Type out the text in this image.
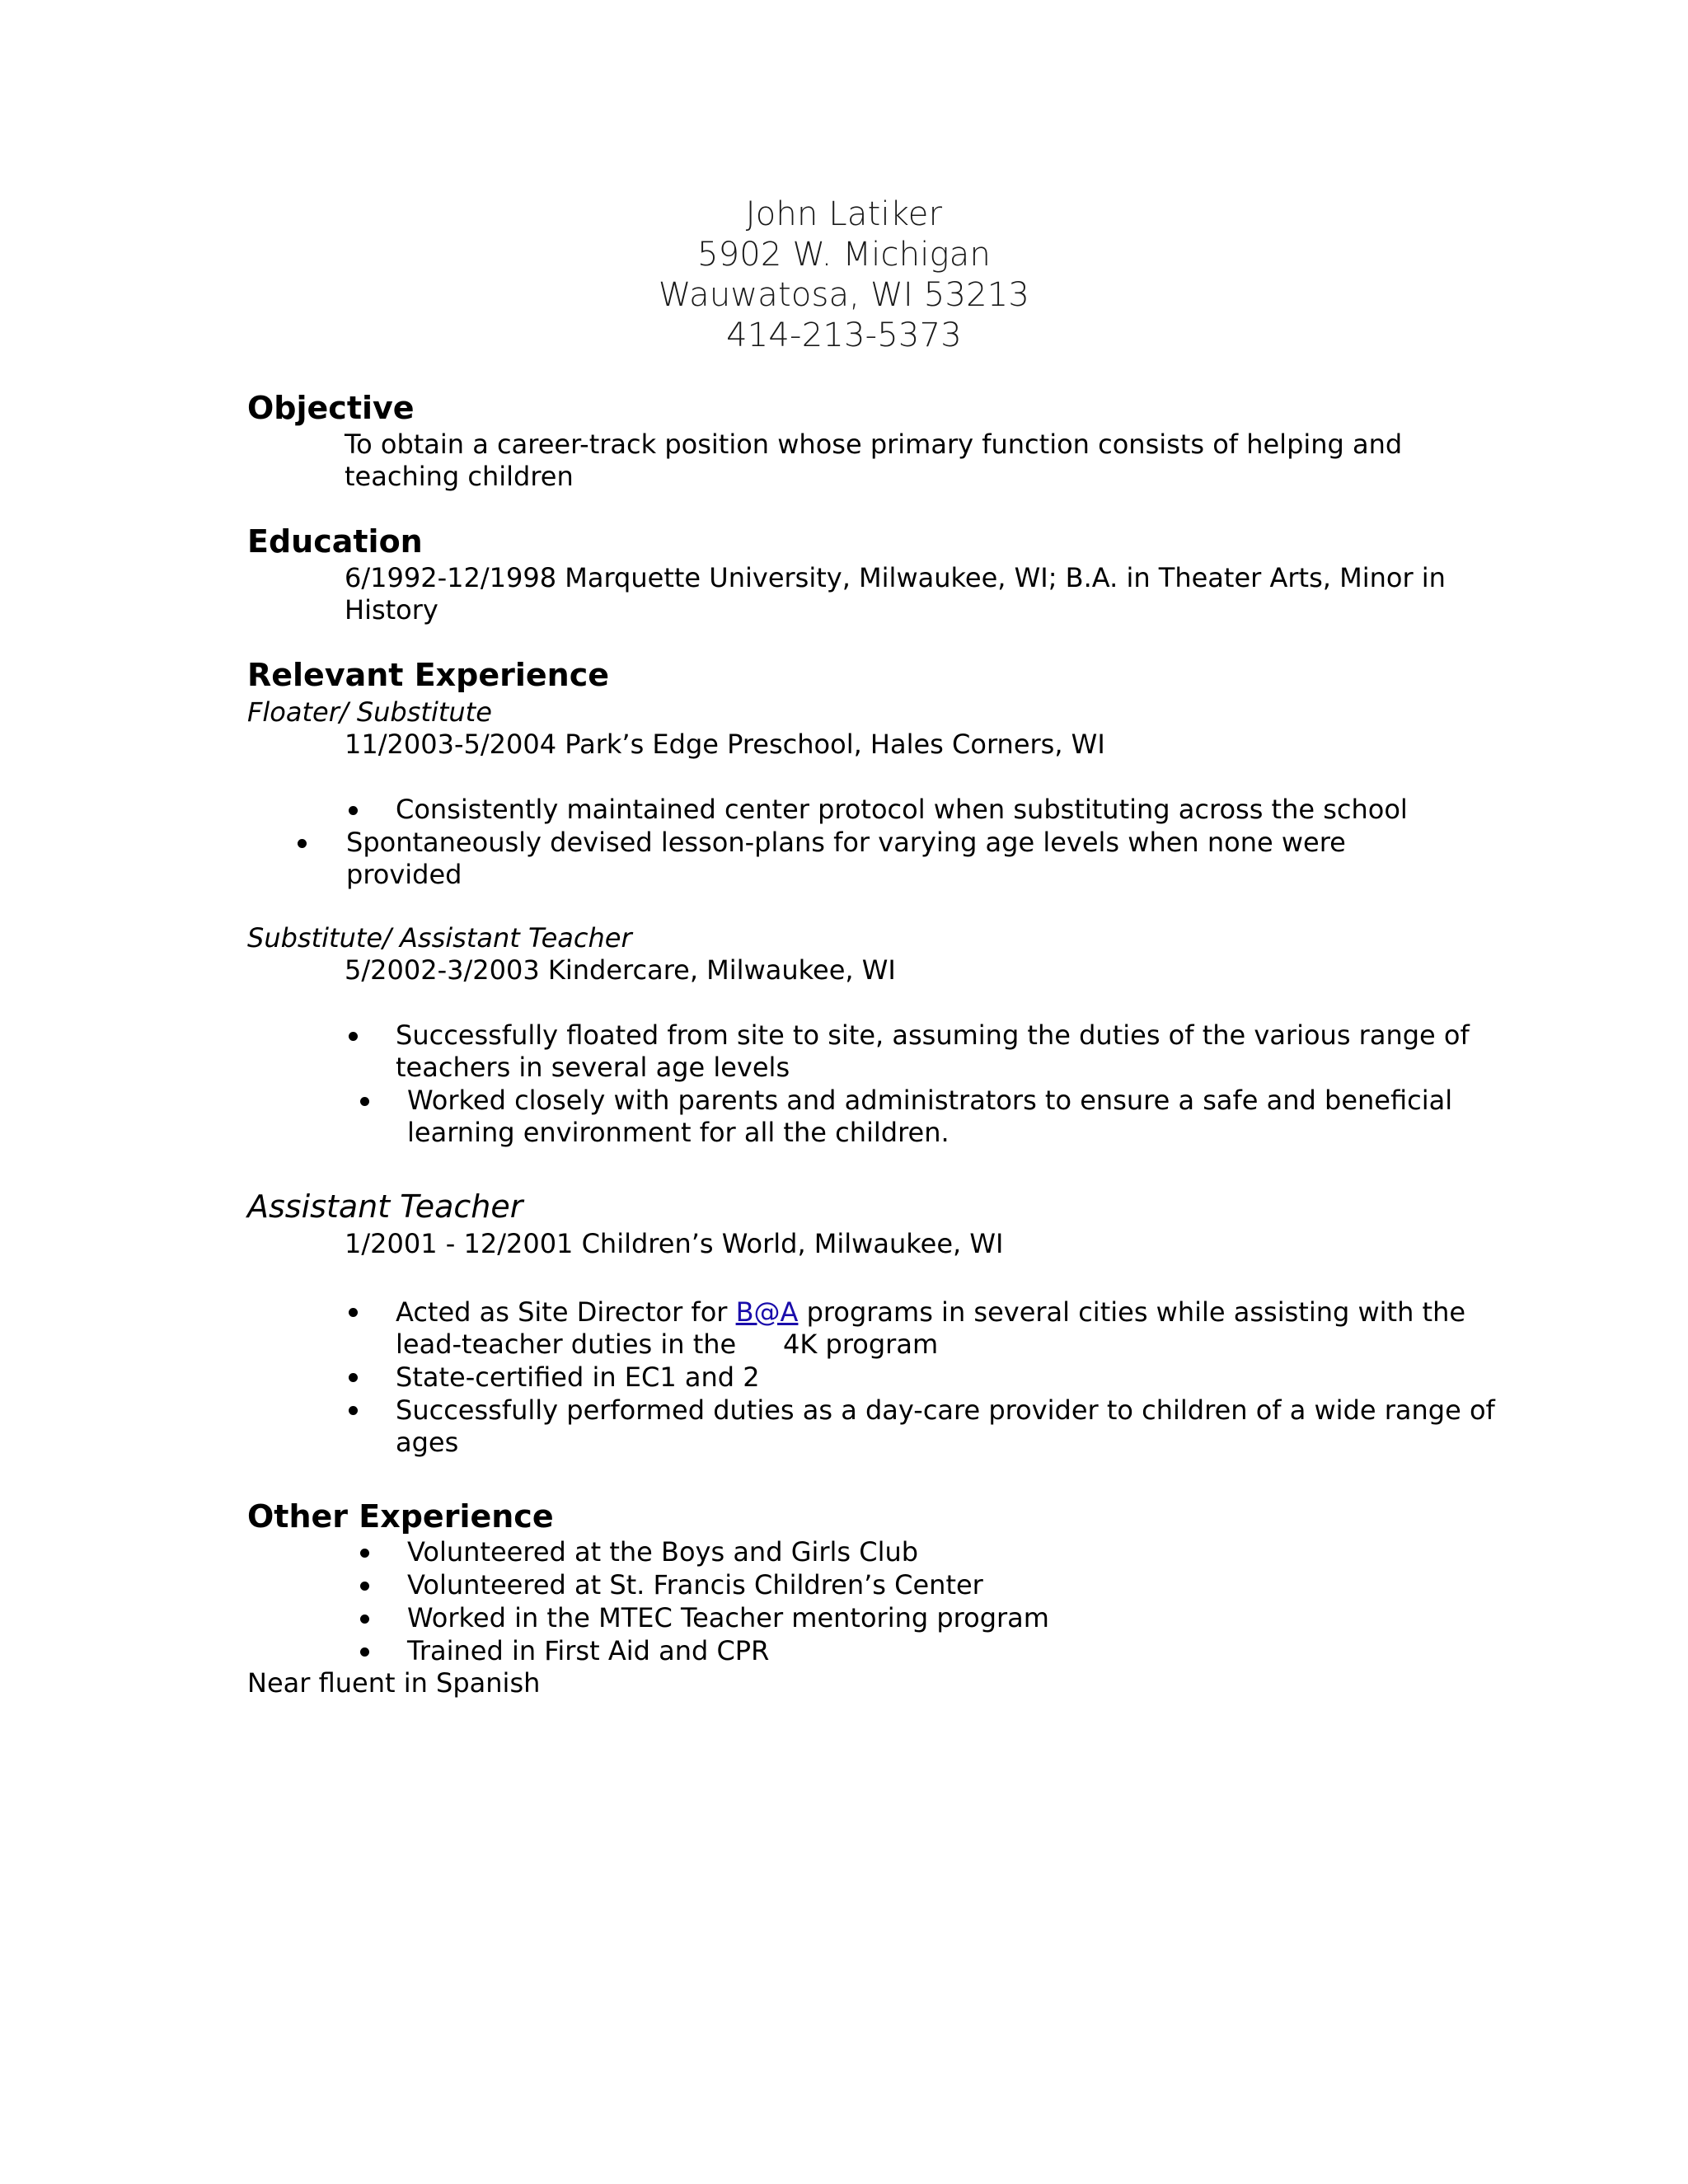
John Latiker
5902 W. Michigan
Wauwatosa, WI 53213
414-213-5373
Objective
To obtain a career-track position whose primary function consists of helping and
teaching children
Education
6/1992-12/1998 Marquette University, Milwaukee, WI; B.A. in Theater Arts, Minor in
History
Relevant Experience
Floater/ Substitute
11/2003-5/2004 Park’s Edge Preschool, Hales Corners, WI
Consistently maintained center protocol when substituting across the school
Spontaneously devised lesson-plans for varying age levels when none were
provided
Substitute/ Assistant Teacher
5/2002-3/2003 Kindercare, Milwaukee, WI
Successfully floated from site to site, assuming the duties of the various range of
teachers in several age levels
Worked closely with parents and administrators to ensure a safe and beneficial
learning environment for all the children.
Assistant Teacher
1/2001 - 12/2001 Children’s World, Milwaukee, WI
Acted as Site Director for B@A programs in several cities while assisting with the
lead-teacher duties in the 4K program
State-certified in EC1 and 2
Successfully performed duties as a day-care provider to children of a wide range of
ages
Other Experience
Volunteered at the Boys and Girls Club
Volunteered at St. Francis Children’s Center
Worked in the MTEC Teacher mentoring program
Trained in First Aid and CPR
Near fluent in Spanish
